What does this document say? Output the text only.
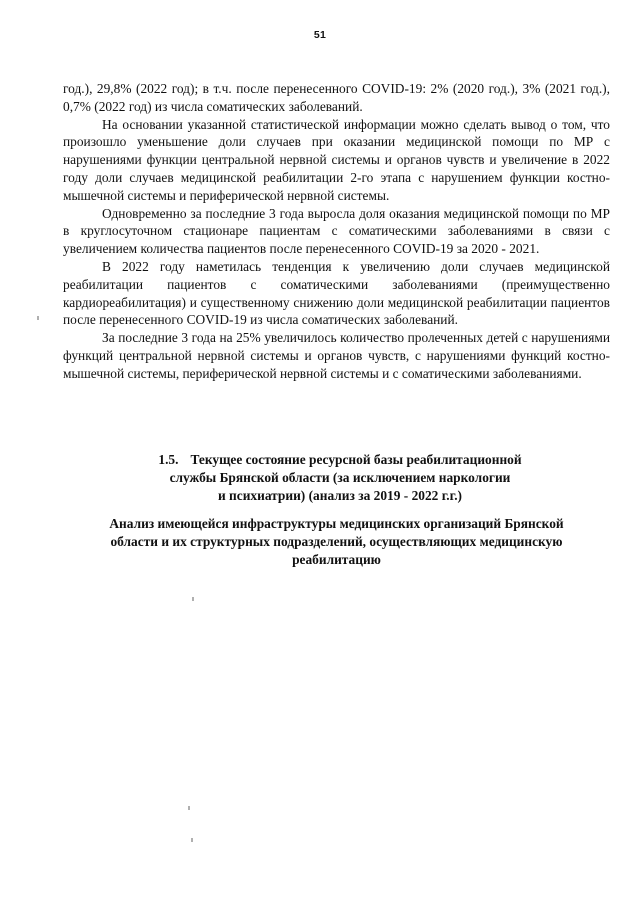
51

год.), 29,8% (2022 год); в т.ч. после перенесенного COVID-19: 2% (2020 год.), 3% (2021 год.), 0,7% (2022 год) из числа соматических заболеваний.

На основании указанной статистической информации можно сделать вывод о том, что произошло уменьшение доли случаев при оказании медицинской помощи по МР с нарушениями функции центральной нервной системы и органов чувств и увеличение в 2022 году доли случаев медицинской реабилитации 2-го этапа с нарушением функции костно-мышечной системы и периферической нервной системы.

Одновременно за последние 3 года выросла доля оказания медицинской помощи по МР в круглосуточном стационаре пациентам с соматическими заболеваниями в связи с увеличением количества пациентов после перенесенного COVID-19 за 2020 - 2021.

В 2022 году наметилась тенденция к увеличению доли случаев медицинской реабилитации пациентов с соматическими заболеваниями (преимущественно кардиореабилитация) и существенному снижению доли медицинской реабилитации пациентов после перенесенного COVID-19 из числа соматических заболеваний.

За последние 3 года на 25% увеличилось количество пролеченных детей с нарушениями функций центральной нервной системы и органов чувств, с нарушениями функций костно-мышечной системы, периферической нервной системы и с соматическими заболеваниями.

1.5. Текущее состояние ресурсной базы реабилитационной
службы Брянской области (за исключением наркологии
и психиатрии) (анализ за 2019 - 2022 г.г.)
Анализ имеющейся инфраструктуры медицинских организаций Брянской
области и их структурных подразделений, осуществляющих медицинскую
реабилитацию
